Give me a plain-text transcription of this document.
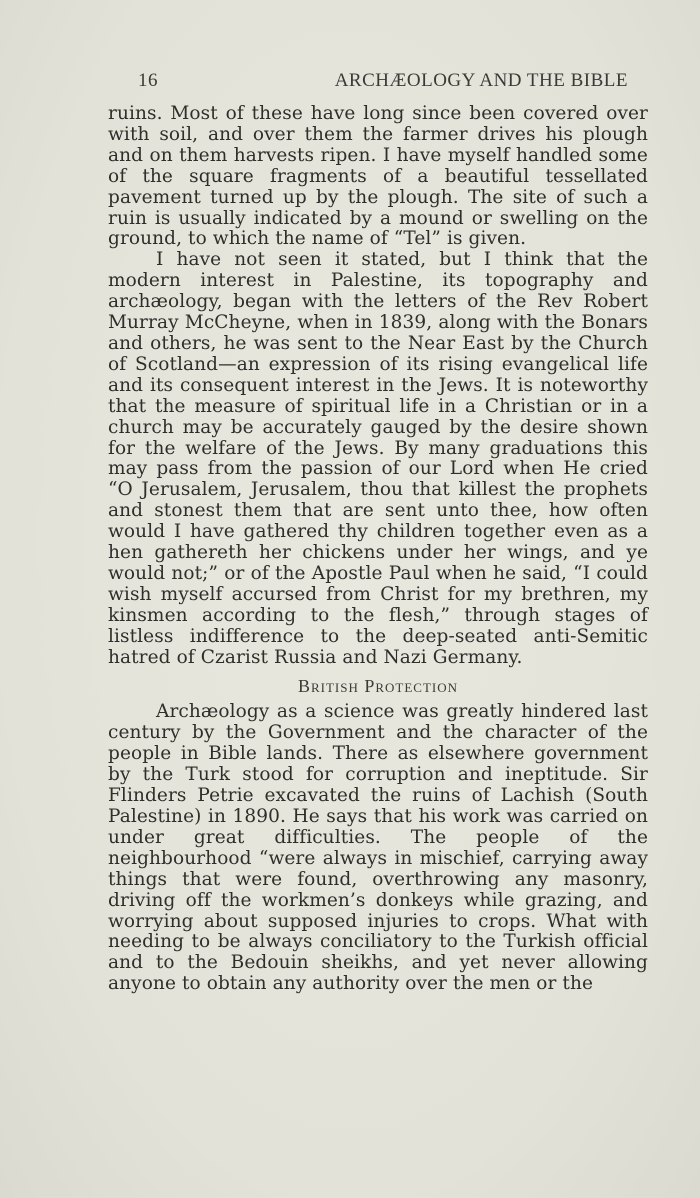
16	ARCHÆOLOGY AND THE BIBLE

ruins. Most of these have long since been covered over with soil, and over them the farmer drives his plough and on them harvests ripen. I have myself handled some of the square fragments of a beautiful tessellated pavement turned up by the plough. The site of such a ruin is usually indicated by a mound or swelling on the ground, to which the name of “Tel” is given.

I have not seen it stated, but I think that the modern interest in Palestine, its topography and archæology, began with the letters of the Rev Robert Murray McCheyne, when in 1839, along with the Bonars and others, he was sent to the Near East by the Church of Scotland—an expression of its rising evangelical life and its consequent interest in the Jews. It is noteworthy that the measure of spiritual life in a Christian or in a church may be accurately gauged by the desire shown for the welfare of the Jews. By many graduations this may pass from the passion of our Lord when He cried “O Jerusalem, Jerusalem, thou that killest the prophets and stonest them that are sent unto thee, how often would I have gathered thy children together even as a hen gathereth her chickens under her wings, and ye would not;” or of the Apostle Paul when he said, “I could wish myself accursed from Christ for my brethren, my kinsmen according to the flesh,” through stages of listless indifference to the deep-seated anti-Semitic hatred of Czarist Russia and Nazi Germany.

British Protection

Archæology as a science was greatly hindered last century by the Government and the character of the people in Bible lands. There as elsewhere government by the Turk stood for corruption and ineptitude. Sir Flinders Petrie excavated the ruins of Lachish (South Palestine) in 1890. He says that his work was carried on under great difficulties. The people of the neighbourhood “were always in mischief, carrying away things that were found, overthrowing any masonry, driving off the workmen’s donkeys while grazing, and worrying about supposed injuries to crops. What with needing to be always conciliatory to the Turkish official and to the Bedouin sheikhs, and yet never allowing anyone to obtain any authority over the men or the
